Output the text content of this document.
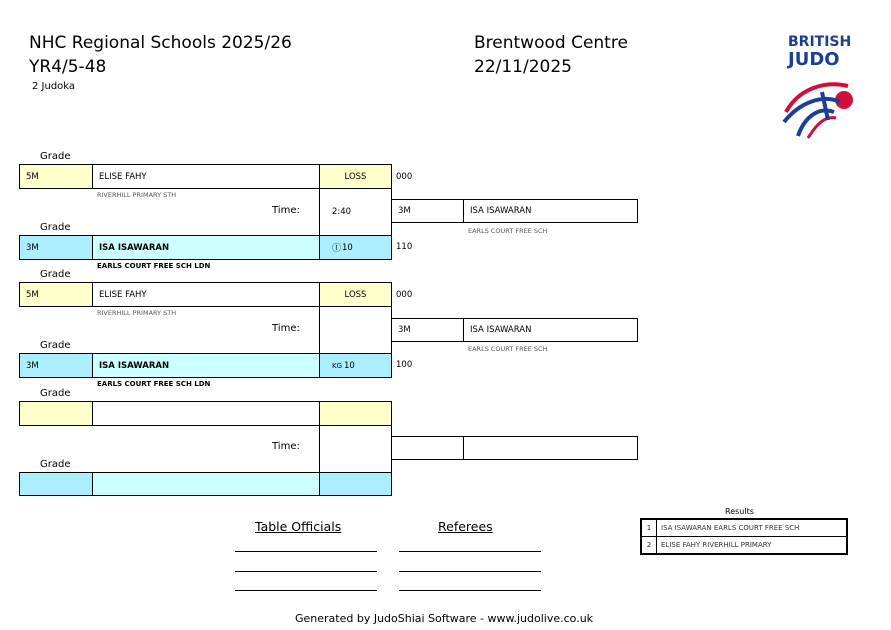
NHC Regional Schools 2025/26
YR4/5-48
2 Judoka
Brentwood Centre
22/11/2025
BRITISH
JUDO
Grade
5M	ELISE FAHY	LOSS	000
RIVERHILL PRIMARY STH
Time:	2:40
Grade
3M	ISA ISAWARAN	Ⓘ 10	110
EARLS COURT FREE SCH LDN
3M	ISA ISAWARAN
EARLS COURT FREE SCH
Grade
5M	ELISE FAHY	LOSS	000
RIVERHILL PRIMARY STH
Time:
Grade
3M	ISA ISAWARAN	KG 10	100
EARLS COURT FREE SCH LDN
3M	ISA ISAWARAN
EARLS COURT FREE SCH
Grade
Time:
Grade
Table Officials	Referees
Results
1	ISA ISAWARAN EARLS COURT FREE SCH
2	ELISE FAHY RIVERHILL PRIMARY
Generated by JudoShiai Software - www.judolive.co.uk
